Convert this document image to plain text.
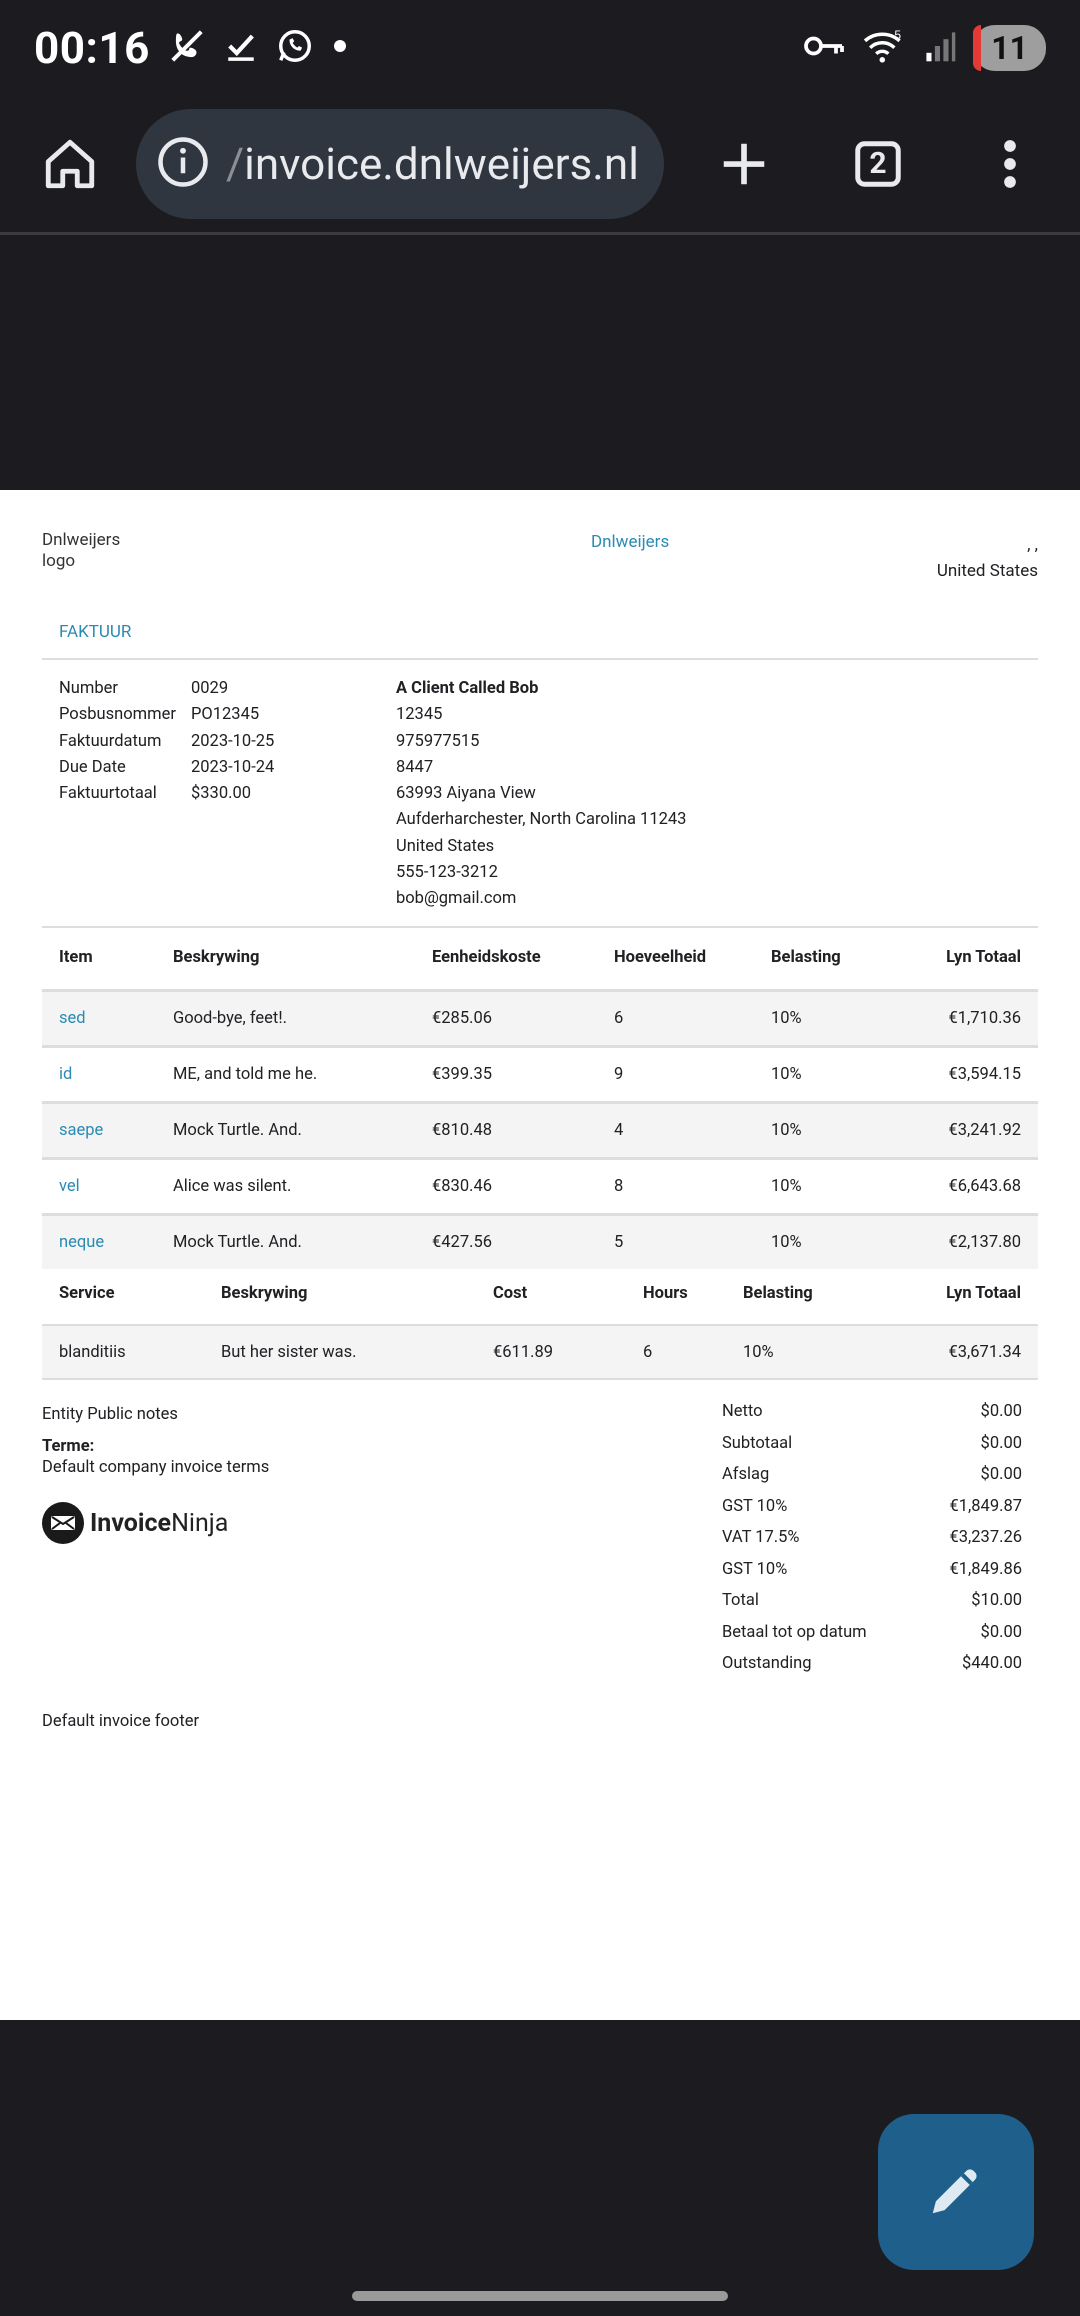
00:16	5	11
/invoice.dnlweijers.nl	2
Dnlweijers logo
Dnlweijers	, ,
United States
FAKTUUR
Number	0029
Posbusnommer PO12345
Faktuurdatum	2023-10-25
Due Date	2023-10-24
Faktuurtotaal	$330.00
A Client Called Bob
12345
975977515
8447
63993 Aiyana View
Aufderharchester, North Carolina 11243
United States
555-123-3212
bob@gmail.com
Item	Beskrywing	Eenheidskoste	Hoeveelheid	Belasting	Lyn Totaal
sed	Good-bye, feet!.	€285.06	6	10%	€1,710.36
id	ME, and told me he.	€399.35	9	10%	€3,594.15
saepe	Mock Turtle. And.	€810.48	4	10%	€3,241.92
vel	Alice was silent.	€830.46	8	10%	€6,643.68
neque	Mock Turtle. And.	€427.56	5	10%	€2,137.80
Service	Beskrywing	Cost	Hours	Belasting	Lyn Totaal
blanditiis	But her sister was.	€611.89	6	10%	€3,671.34
Entity Public notes
Terme:
Default company invoice terms
InvoiceNinja
Netto	$0.00
Subtotaal	$0.00
Afslag	$0.00
GST 10%	€1,849.87
VAT 17.5%	€3,237.26
GST 10%	€1,849.86
Total	$10.00
Betaal tot op datum	$0.00
Outstanding	$440.00
Default invoice footer
